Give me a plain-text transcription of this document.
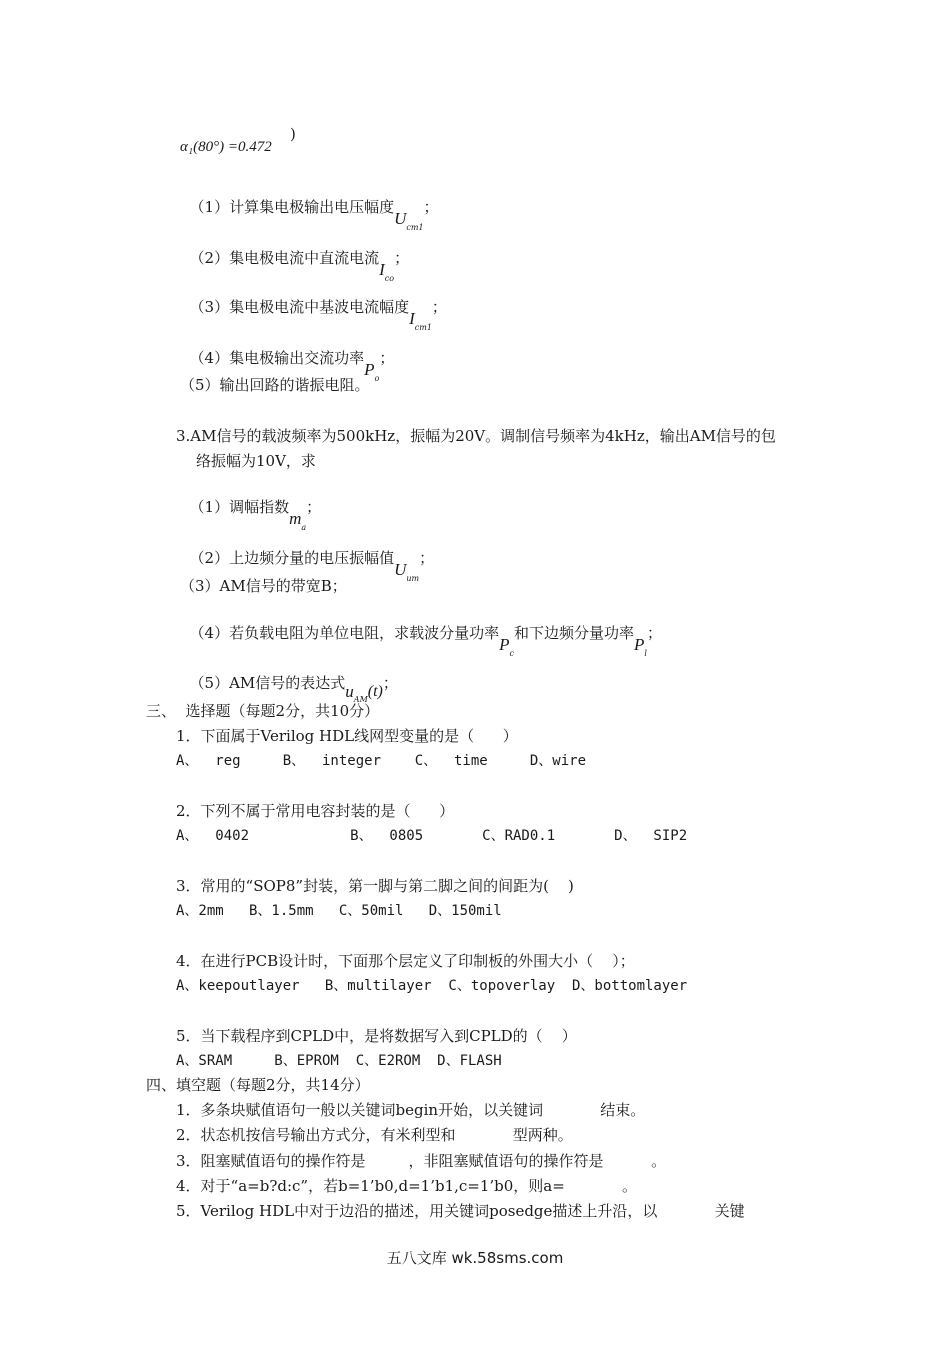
α₁(80°) =0.472
)

（1）计算集电极输出电压幅度$U_{cm1}$；

（2）集电极电流中直流电流$I_{co}$；

（3）集电极电流中基波电流幅度$I_{cm1}$；

（4）集电极输出交流功率$P_o$；

（5）输出回路的谐振电阻。
3.AM信号的载波频率为500kHz，振幅为20V。调制信号频率为4kHz，输出AM信号的包
络振幅为10V，求

（1）调幅指数$m_a$；

（2）上边频分量的电压振幅值$U_{um}$；

（3）AM信号的带宽B；

（4）若负载电阻为单位电阻，求载波分量功率$P_c$和下边频分量功率$P_l$；

（5）AM信号的表达式$u_{AM}(t)$；

三、  选择题（每题2分，共10分）
1．下面属于Verilog HDL线网型变量的是（      ）
A、  reg     B、  integer    C、  time     D、wire
2．下列不属于常用电容封装的是（      ）
A、  0402            B、  0805       C、RAD0.1       D、  SIP2
3．常用的“SOP8”封装，第一脚与第二脚之间的间距为(    )
A、2mm   B、1.5mm   C、50mil   D、150mil
4．在进行PCB设计时，下面那个层定义了印制板的外围大小（    ）；
A、keepoutlayer   B、multilayer  C、topoverlay  D、bottomlayer
5．当下载程序到CPLD中，是将数据写入到CPLD的（    ）
A、SRAM     B、EPROM  C、E2ROM  D、FLASH
四、填空题（每题2分，共14分）
1．多条块赋值语句一般以关键词begin开始，以关键词            结束。
2．状态机按信号输出方式分，有米利型和            型两种。
3．阻塞赋值语句的操作符是         ，非阻塞赋值语句的操作符是          。
4．对于“a=b?d:c”，若b=1’b0,d=1’b1,c=1’b0，则a=            。
5．Verilog HDL中对于边沿的描述，用关键词posedge描述上升沿，以            关键
五八文库 wk.58sms.com
